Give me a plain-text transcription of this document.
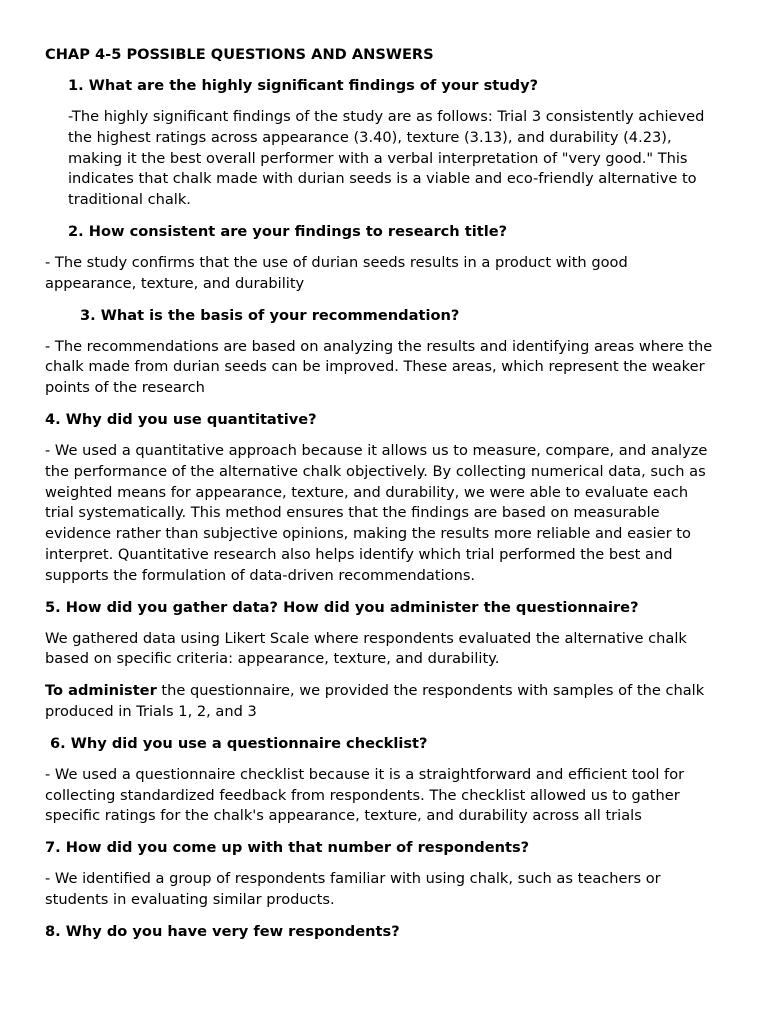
CHAP 4-5 POSSIBLE QUESTIONS AND ANSWERS
1. What are the highly significant findings of your study?
-The highly significant findings of the study are as follows: Trial 3 consistently achieved the highest ratings across appearance (3.40), texture (3.13), and durability (4.23), making it the best overall performer with a verbal interpretation of "very good." This indicates that chalk made with durian seeds is a viable and eco-friendly alternative to traditional chalk.
2. How consistent are your findings to research title?
- The study confirms that the use of durian seeds results in a product with good appearance, texture, and durability
3. What is the basis of your recommendation?
- The recommendations are based on analyzing the results and identifying areas where the chalk made from durian seeds can be improved. These areas, which represent the weaker points of the research
4. Why did you use quantitative?
- We used a quantitative approach because it allows us to measure, compare, and analyze the performance of the alternative chalk objectively. By collecting numerical data, such as weighted means for appearance, texture, and durability, we were able to evaluate each trial systematically. This method ensures that the findings are based on measurable evidence rather than subjective opinions, making the results more reliable and easier to interpret. Quantitative research also helps identify which trial performed the best and supports the formulation of data-driven recommendations.
5. How did you gather data? How did you administer the questionnaire?
We gathered data using Likert Scale where respondents evaluated the alternative chalk based on specific criteria: appearance, texture, and durability.
To administer the questionnaire, we provided the respondents with samples of the chalk produced in Trials 1, 2, and 3
6. Why did you use a questionnaire checklist?
- We used a questionnaire checklist because it is a straightforward and efficient tool for collecting standardized feedback from respondents. The checklist allowed us to gather specific ratings for the chalk's appearance, texture, and durability across all trials
7. How did you come up with that number of respondents?
- We identified a group of respondents familiar with using chalk, such as teachers or students in evaluating similar products.
8. Why do you have very few respondents?
